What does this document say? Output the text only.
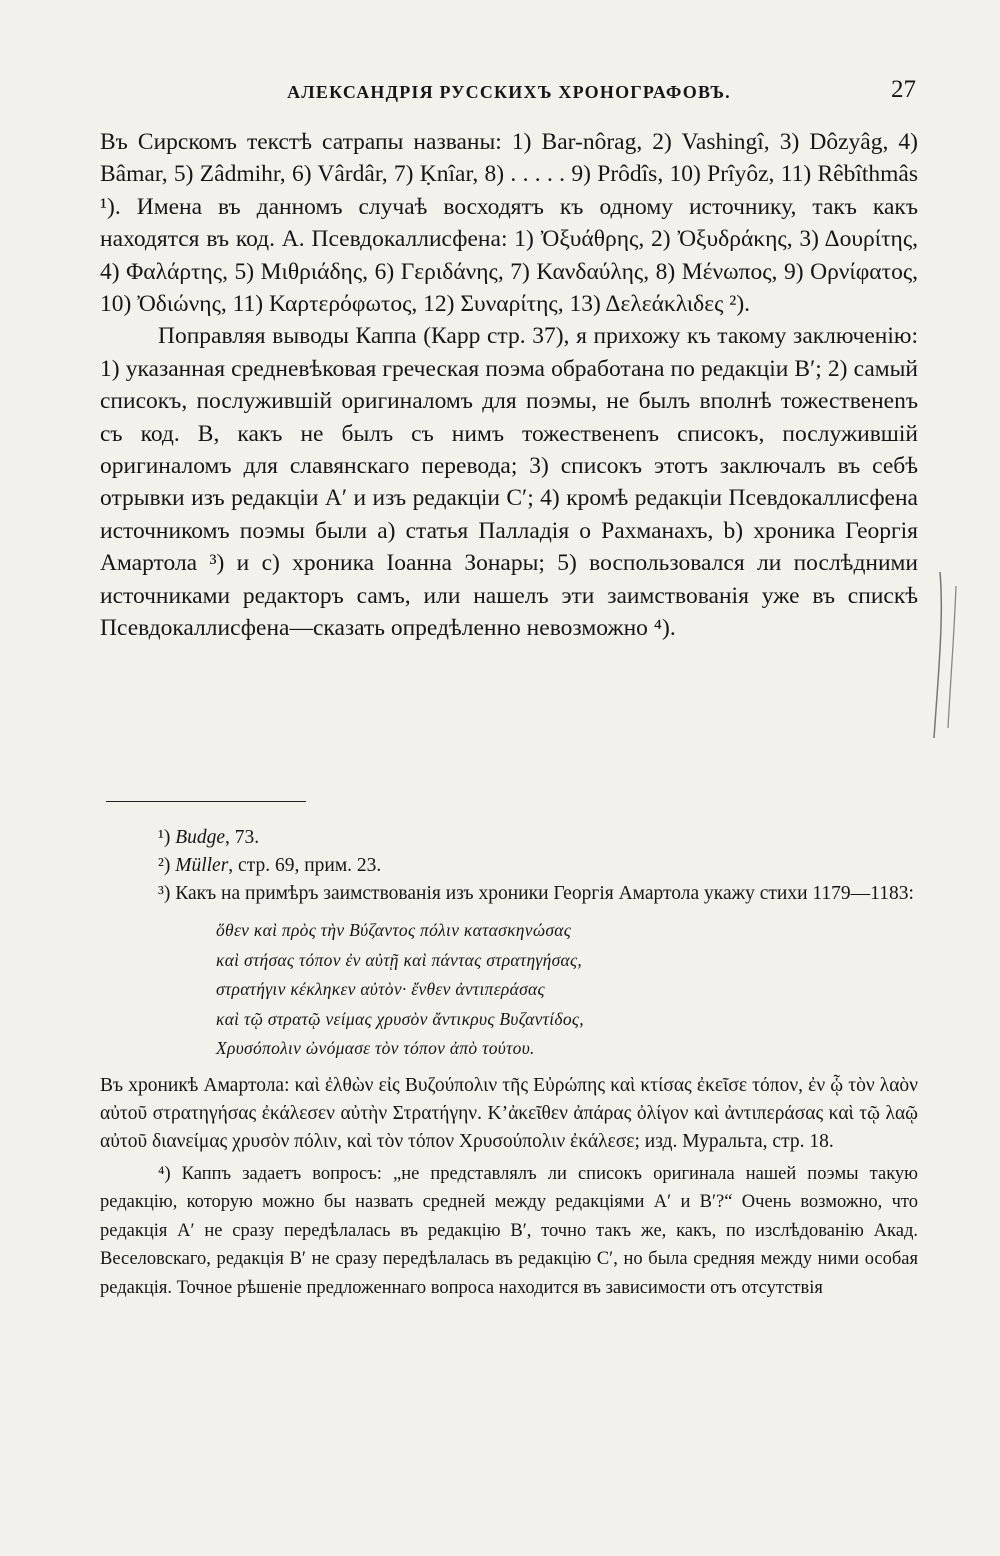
АЛЕКСАНДРІЯ РУССКИХЪ ХРОНОГРАФОВЪ.	27

Въ Сирскомъ текстѣ сатрапы названы: 1) Bar-nôrag, 2) Vashingî, 3) Dôzyâg, 4) Bâmar, 5) Zâdmihr, 6) Vârdâr, 7) Ḳnîar, 8) . . . . . 9) Prôdîs, 10) Prîyôz, 11) Rêbîthmâs ¹). Имена въ данномъ случаѣ восходятъ къ одному источнику, такъ какъ находятся въ код. A. Псевдокаллисфена: 1) Ὀξυάθρης, 2) Ὀξυδράκης, 3) Δουρίτης, 4) Φαλάρτης, 5) Μιθριάδης, 6) Γεριδάνης, 7) Κανδαύλης, 8) Μένωπος, 9) Ορνίφατος, 10) Ὀδιώνης, 11) Καρτερόφωτος, 12) Συναρίτης, 13) Δελεάκλιδες ²).

Поправляя выводы Каппа (Карр стр. 37), я прихожу къ такому заключенію: 1) указанная средневѣковая греческая поэма обработана по редакціи B′; 2) самый списокъ, послужившій оригиналомъ для поэмы, не былъ вполнѣ тожественenъ съ код. B, какъ не былъ съ нимъ тожественenъ списокъ, послужившій оригиналомъ для славянскаго перевода; 3) списокъ этотъ заключалъ въ себѣ отрывки изъ редакціи A′ и изъ редакціи C′; 4) кромѣ редакціи Псевдокаллисфена источникомъ поэмы были a) статья Палладія о Рахманахъ, b) хроника Георгія Амартола ³) и c) хроника Іоанна Зонары; 5) воспользовался ли послѣдними источниками редакторъ самъ, или нашелъ эти заимствованія уже въ спискѣ Псевдокаллисфена—сказать опредѣленно невозможно ⁴).

¹) Budge, 73.

²) Müller, стр. 69, прим. 23.

³) Какъ на примѣръ заимствованія изъ хроники Георгія Амартола укажу стихи 1179—1183:

ὅθεν καὶ πρὸς τὴν Βύζαντος πόλιν κατασκηνώσας
καὶ στήσας τόπον ἐν αὐτῇ καὶ πάντας στρατηγήσας,
στρατήγιν κέκληκεν αὐτὸν· ἔνθεν ἀντιπεράσας
καὶ τῷ στρατῷ νείμας χρυσὸν ἄντικρυς Βυζαντίδος,
Χρυσόπολιν ὠνόμασε τὸν τόπον ἀπὸ τούτου.

Въ хроникѣ Амартола: καὶ ἐλθὼν εἰς Βυζούπολιν τῆς Εὐρώπης καὶ κτίσας ἐκεῖσε τόπον, ἐν ᾧ τὸν λαὸν αὐτοῦ στρατηγήσας ἐκάλεσεν αὐτὴν Στρατήγην. Κ’ἀκεῖθεν ἀπάρας ὀλίγον καὶ ἀντιπεράσας καὶ τῷ λαῷ αὐτοῦ διανείμας χρυσὸν πόλιν, καὶ τὸν τόπον Χρυσούπολιν ἐκάλεσε; изд. Муральта, стр. 18.

⁴) Каппъ задаетъ вопросъ: „не представлялъ ли списокъ оригинала нашей поэмы такую редакцію, которую можно бы назвать средней между редакціями A′ и B′?“ Очень возможно, что редакція A′ не сразу передѣлалась въ редакцію B′, точно такъ же, какъ, по изслѣдованію Акад. Веселовскаго, редакція B′ не сразу передѣлалась въ редакцію C′, но была средняя между ними особая редакція. Точное рѣшеніе предложеннаго вопроса находится въ зависимости отъ отсутствія
